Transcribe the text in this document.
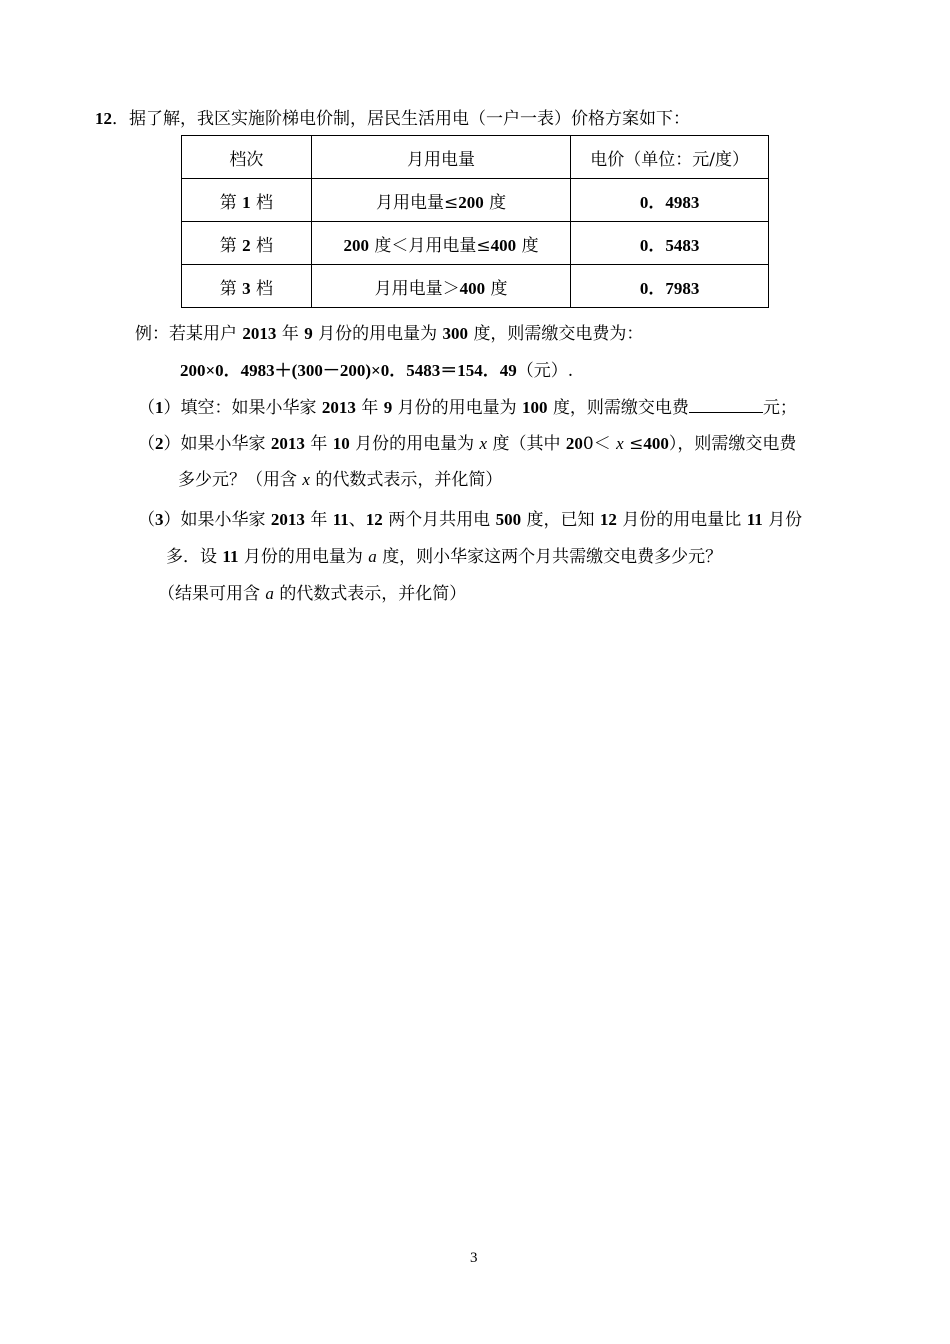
12．据了解，我区实施阶梯电价制，居民生活用电（一户一表）价格方案如下：
档次	月用电量	电价（单位：元/度）
第 1 档	月用电量≤200 度	0．4983
第 2 档	200 度＜月用电量≤400 度	0．5483
第 3 档	月用电量＞400 度	0．7983
例：若某用户 2013 年 9 月份的用电量为 300 度，则需缴交电费为：
200×0．4983＋(300－200)×0．5483＝154．49（元）.
（1）填空：如果小华家 2013 年 9 月份的用电量为 100 度，则需缴交电费	元；
（2）如果小华家 2013 年 10 月份的用电量为 x 度（其中 200＜ x ≤400），则需缴交电费
多少元？（用含 x 的代数式表示，并化简）
（3）如果小华家 2013 年 11、12 两个月共用电 500 度，已知 12 月份的用电量比 11 月份
多．设 11 月份的用电量为 a 度，则小华家这两个月共需缴交电费多少元？
（结果可用含 a 的代数式表示，并化简）
3
